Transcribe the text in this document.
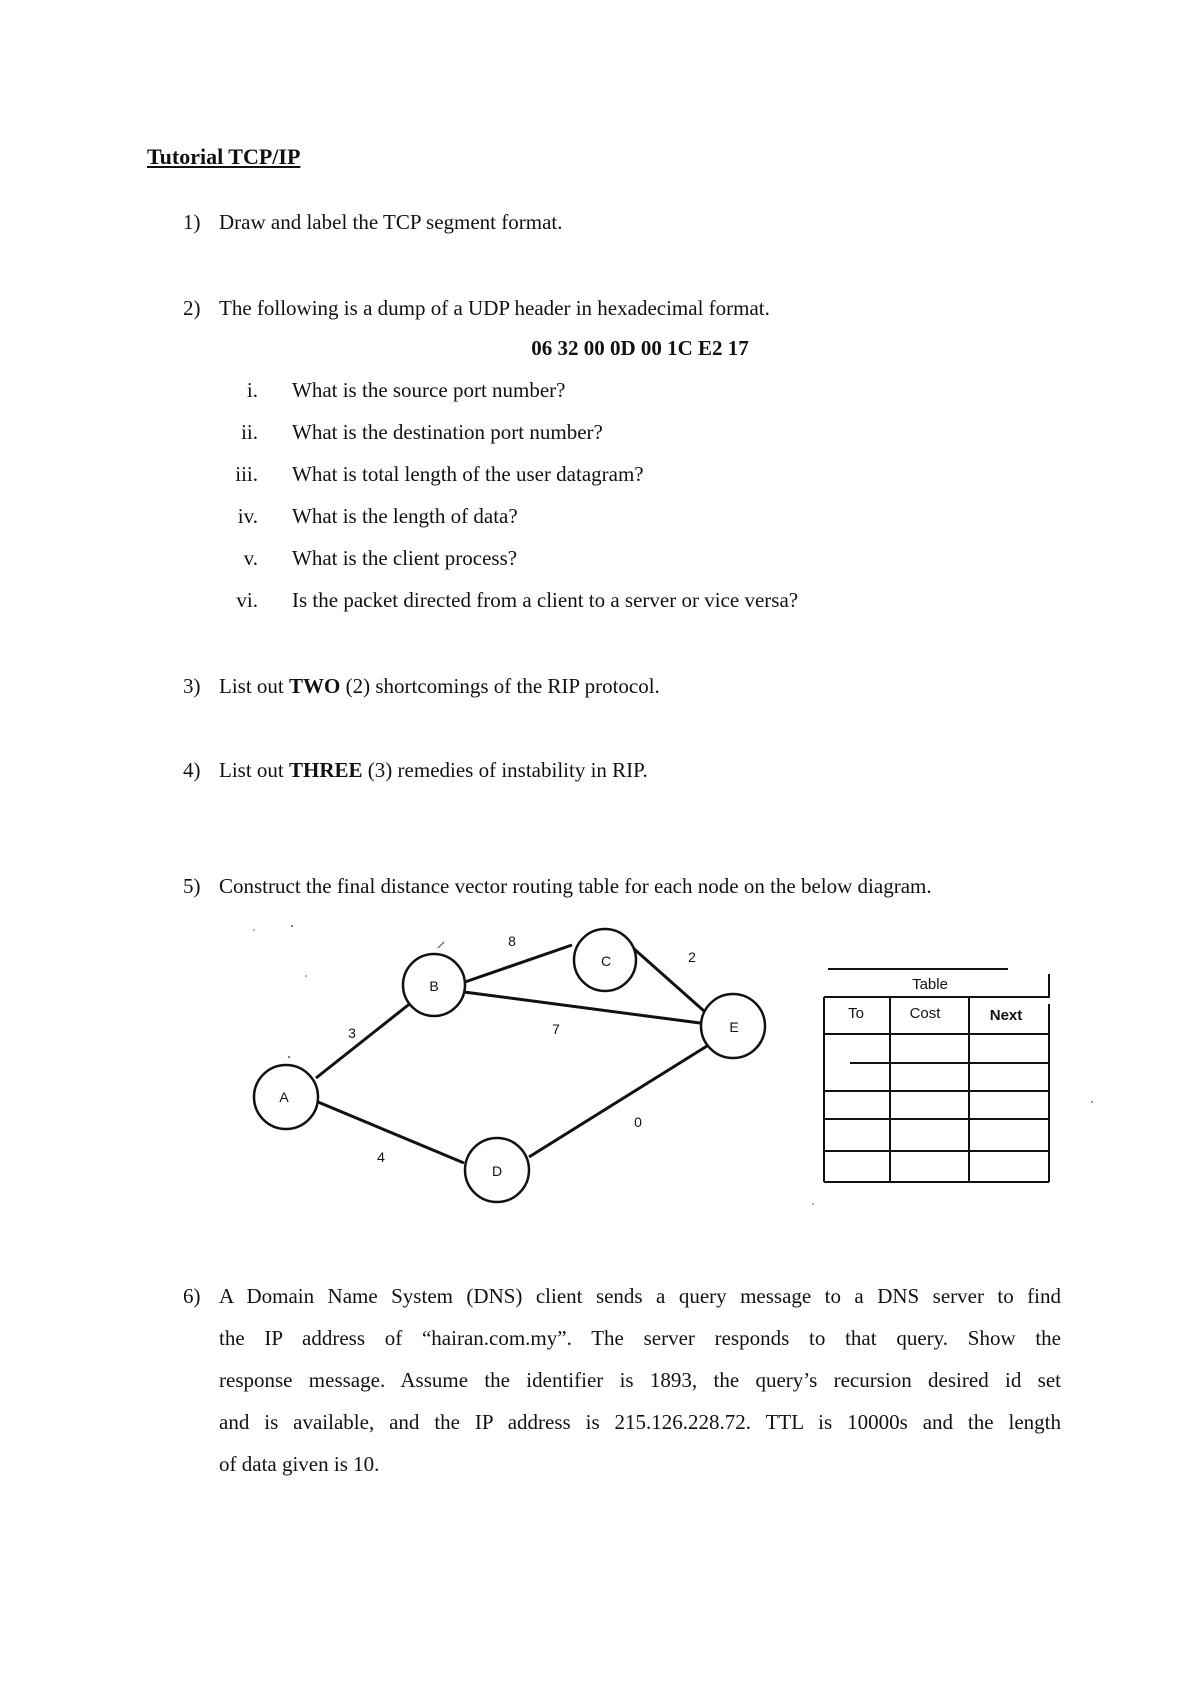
Tutorial TCP/IP
1) Draw and label the TCP segment format.
2) The following is a dump of a UDP header in hexadecimal format.
06 32 00 0D 00 1C E2 17
i. What is the source port number?
ii. What is the destination port number?
iii. What is total length of the user datagram?
iv. What is the length of data?
v. What is the client process?
vi. Is the packet directed from a client to a server or vice versa?
3) List out TWO (2) shortcomings of the RIP protocol.
4) List out THREE (3) remedies of instability in RIP.
5) Construct the final distance vector routing table for each node on the below diagram.
A
B
C
D
E
3
4
8
7
2
0
Table
To	Cost	Next
6) A Domain Name System (DNS) client sends a query message to a DNS server to find
the IP address of “hairan.com.my”. The server responds to that query. Show the
response message. Assume the identifier is 1893, the query’s recursion desired id set
and is available, and the IP address is 215.126.228.72. TTL is 10000s and the length
of data given is 10.
